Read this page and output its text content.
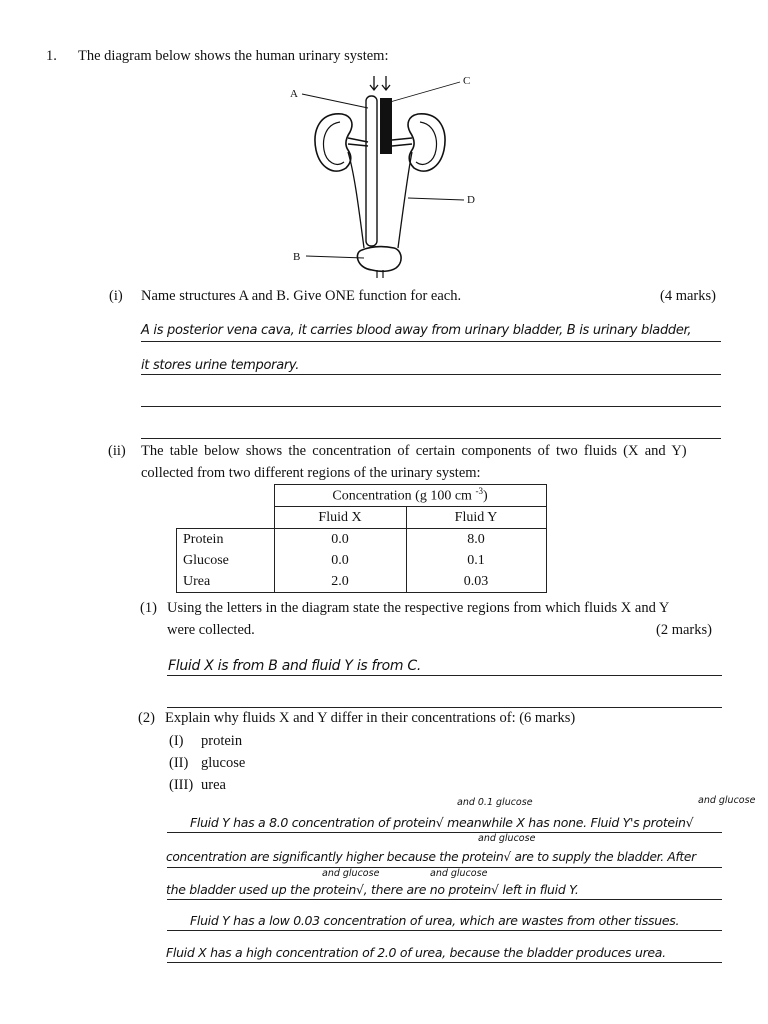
1. The diagram below shows the human urinary system:
A
C
D
B
(i) Name structures A and B. Give ONE function for each.	(4 marks)
A is posterior vena cava, it carries blood away from urinary bladder, B is urinary bladder,
it stores urine temporary.
(ii) The table below shows the concentration of certain components of two fluids (X and Y)
collected from two different regions of the urinary system:
	Concentration (g 100 cm $^{-3}$)	
	Fluid X	Fluid Y
Protein	0.0	8.0
Glucose	0.0	0.1
Urea	2.0	0.03
(1) Using the letters in the diagram state the respective regions from which fluids X and Y
were collected.	(2 marks)
Fluid X is from B and fluid Y is from C.
(2) Explain why fluids X and Y differ in their concentrations of: (6 marks)
(I) protein
(II) glucose
(III) urea
and 0.1 glucose	and glucose
and glucose
and glucose	and glucose
Fluid Y has a 8.0 concentration of protein√ meanwhile X has none. Fluid Y's protein√
concentration are significantly higher because the protein√ are to supply the bladder. After
the bladder used up the protein√, there are no protein√ left in fluid Y.
Fluid Y has a low 0.03 concentration of urea, which are wastes from other tissues.
Fluid X has a high concentration of 2.0 of urea, because the bladder produces urea.
